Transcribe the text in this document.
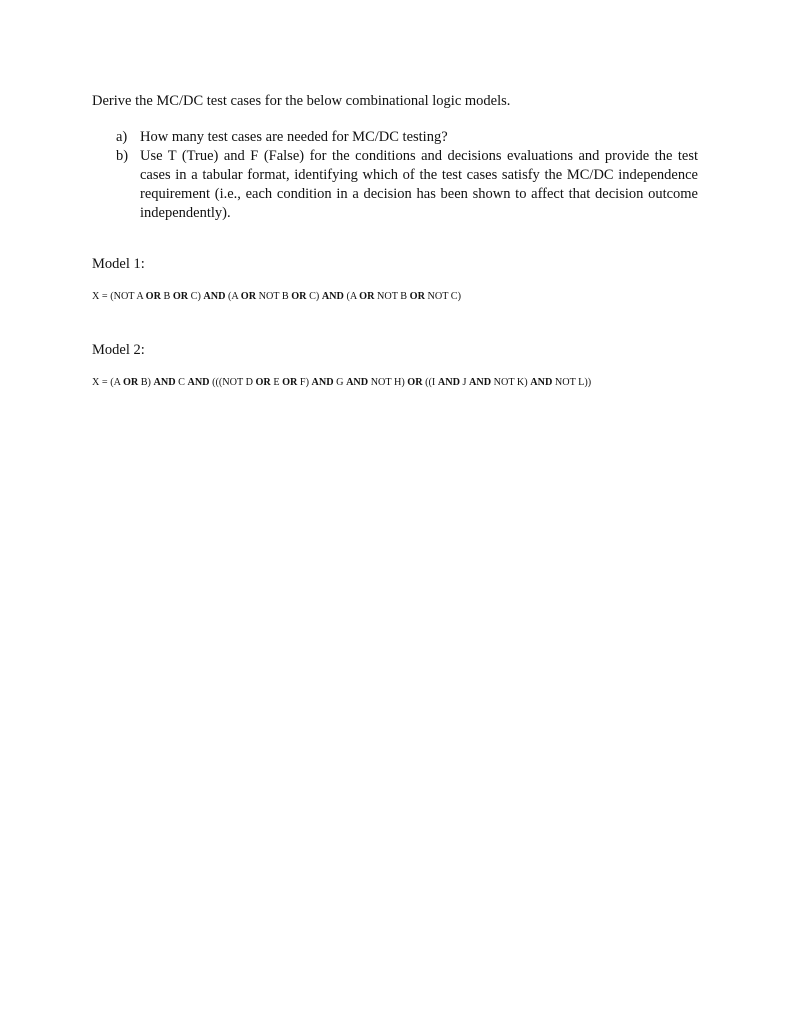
Derive the MC/DC test cases for the below combinational logic models.

a) How many test cases are needed for MC/DC testing?
b) Use T (True) and F (False) for the conditions and decisions evaluations and provide the test cases in a tabular format, identifying which of the test cases satisfy the MC/DC independence requirement (i.e., each condition in a decision has been shown to affect that decision outcome independently).

Model 1:

X = (NOT A OR B OR C) AND (A OR NOT B OR C) AND (A OR NOT B OR NOT C)

Model 2:

X = (A OR B) AND C AND (((NOT D OR E OR F) AND G AND NOT H) OR ((I AND J AND NOT K) AND NOT L))
